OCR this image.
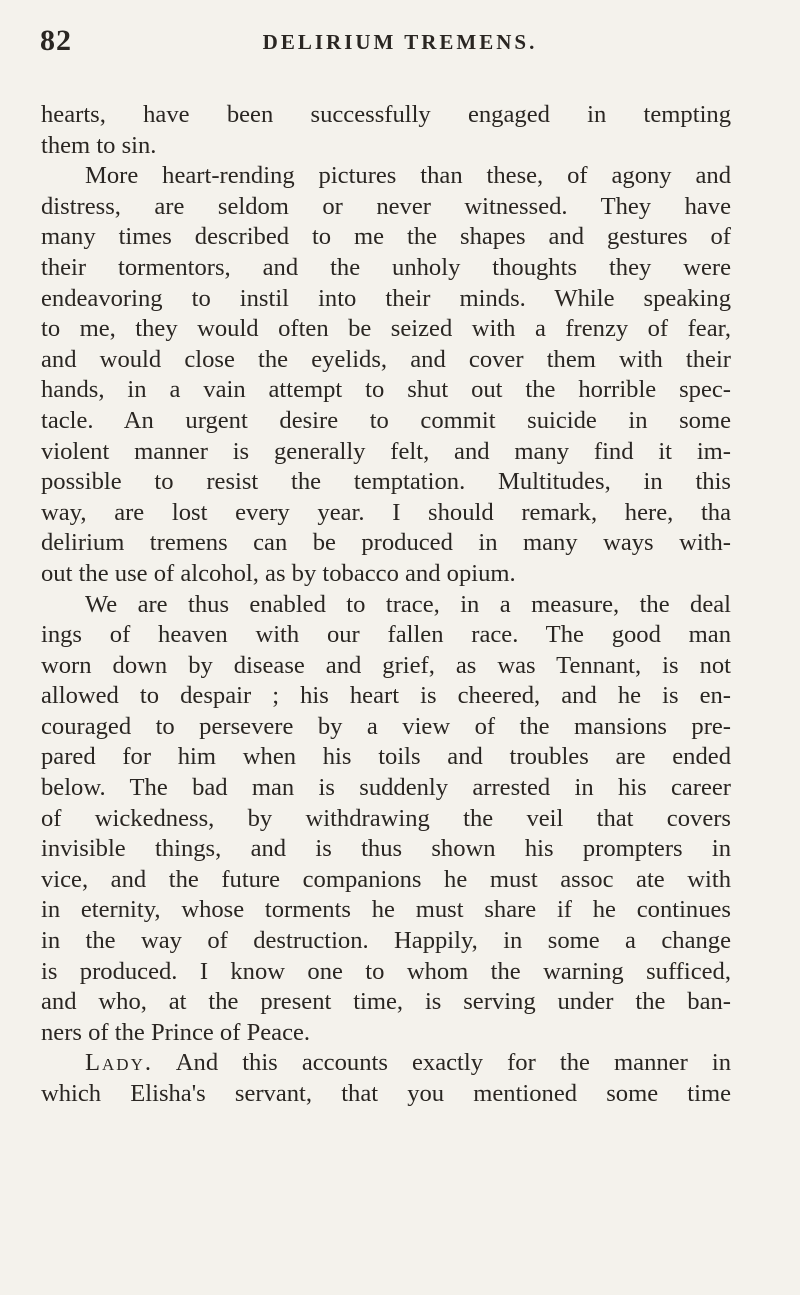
82	DELIRIUM TREMENS.
hearts, have been successfully engaged in tempting
them to sin.
More heart-rending pictures than these, of agony and
distress, are seldom or never witnessed. They have
many times described to me the shapes and gestures of
their tormentors, and the unholy thoughts they were
endeavoring to instil into their minds. While speaking
to me, they would often be seized with a frenzy of fear,
and would close the eyelids, and cover them with their
hands, in a vain attempt to shut out the horrible spec-
tacle. An urgent desire to commit suicide in some
violent manner is generally felt, and many find it im-
possible to resist the temptation. Multitudes, in this
way, are lost every year. I should remark, here, tha
delirium tremens can be produced in many ways with-
out the use of alcohol, as by tobacco and opium.
We are thus enabled to trace, in a measure, the deal
ings of heaven with our fallen race. The good man
worn down by disease and grief, as was Tennant, is not
allowed to despair ; his heart is cheered, and he is en-
couraged to persevere by a view of the mansions pre-
pared for him when his toils and troubles are ended
below. The bad man is suddenly arrested in his career
of wickedness, by withdrawing the veil that covers
invisible things, and is thus shown his prompters in
vice, and the future companions he must assoc ate with
in eternity, whose torments he must share if he continues
in the way of destruction. Happily, in some a change
is produced. I know one to whom the warning sufficed,
and who, at the present time, is serving under the ban-
ners of the Prince of Peace.
Lady. And this accounts exactly for the manner in
which Elisha's servant, that you mentioned some time
